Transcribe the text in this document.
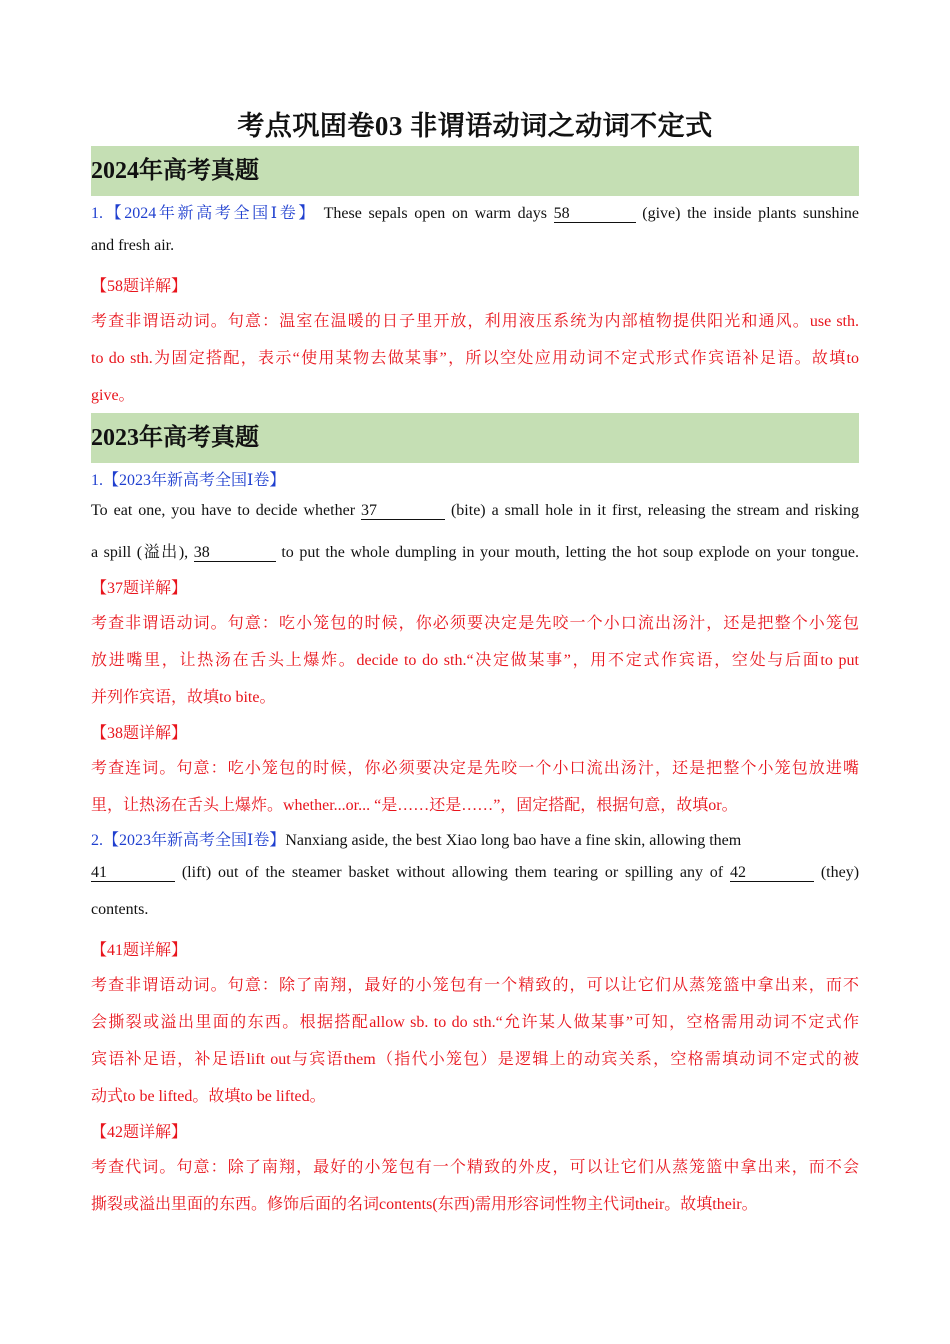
考点巩固卷03 非谓语动词之动词不定式
2024年高考真题
1.【2024年新高考全国Ⅰ卷】 These sepals open on warm days 58	(give) the inside plants sunshine
and fresh air.
【58题详解】
考查非谓语动词。句意：温室在温暖的日子里开放，利用液压系统为内部植物提供阳光和通风。use sth.
to do sth.为固定搭配，表示“使用某物去做某事”，所以空处应用动词不定式形式作宾语补足语。故填to
give。
2023年高考真题
1.【2023年新高考全国Ⅰ卷】
To eat one, you have to decide whether 37	(bite) a small hole in it first, releasing the stream and risking
a spill (溢出), 38	to put the whole dumpling in your mouth, letting the hot soup explode on your tongue.
【37题详解】
考查非谓语动词。句意：吃小笼包的时候，你必须要决定是先咬一个小口流出汤汁，还是把整个小笼包
放进嘴里，让热汤在舌头上爆炸。decide to do sth.“决定做某事”，用不定式作宾语，空处与后面to put
并列作宾语，故填to bite。
【38题详解】
考查连词。句意：吃小笼包的时候，你必须要决定是先咬一个小口流出汤汁，还是把整个小笼包放进嘴
里，让热汤在舌头上爆炸。whether...or... “是……还是……”，固定搭配，根据句意，故填or。
2.【2023年新高考全国Ⅰ卷】Nanxiang aside, the best Xiao long bao have a fine skin, allowing them
41	(lift) out of the steamer basket without allowing them tearing or spilling any of 42	(they)
contents.
【41题详解】
考查非谓语动词。句意：除了南翔，最好的小笼包有一个精致的，可以让它们从蒸笼篮中拿出来，而不
会撕裂或溢出里面的东西。根据搭配allow sb. to do sth.“允许某人做某事”可知，空格需用动词不定式作
宾语补足语，补足语lift out与宾语them（指代小笼包）是逻辑上的动宾关系，空格需填动词不定式的被
动式to be lifted。故填to be lifted。
【42题详解】
考查代词。句意：除了南翔，最好的小笼包有一个精致的外皮，可以让它们从蒸笼篮中拿出来，而不会
撕裂或溢出里面的东西。修饰后面的名词contents(东西)需用形容词性物主代词their。故填their。
